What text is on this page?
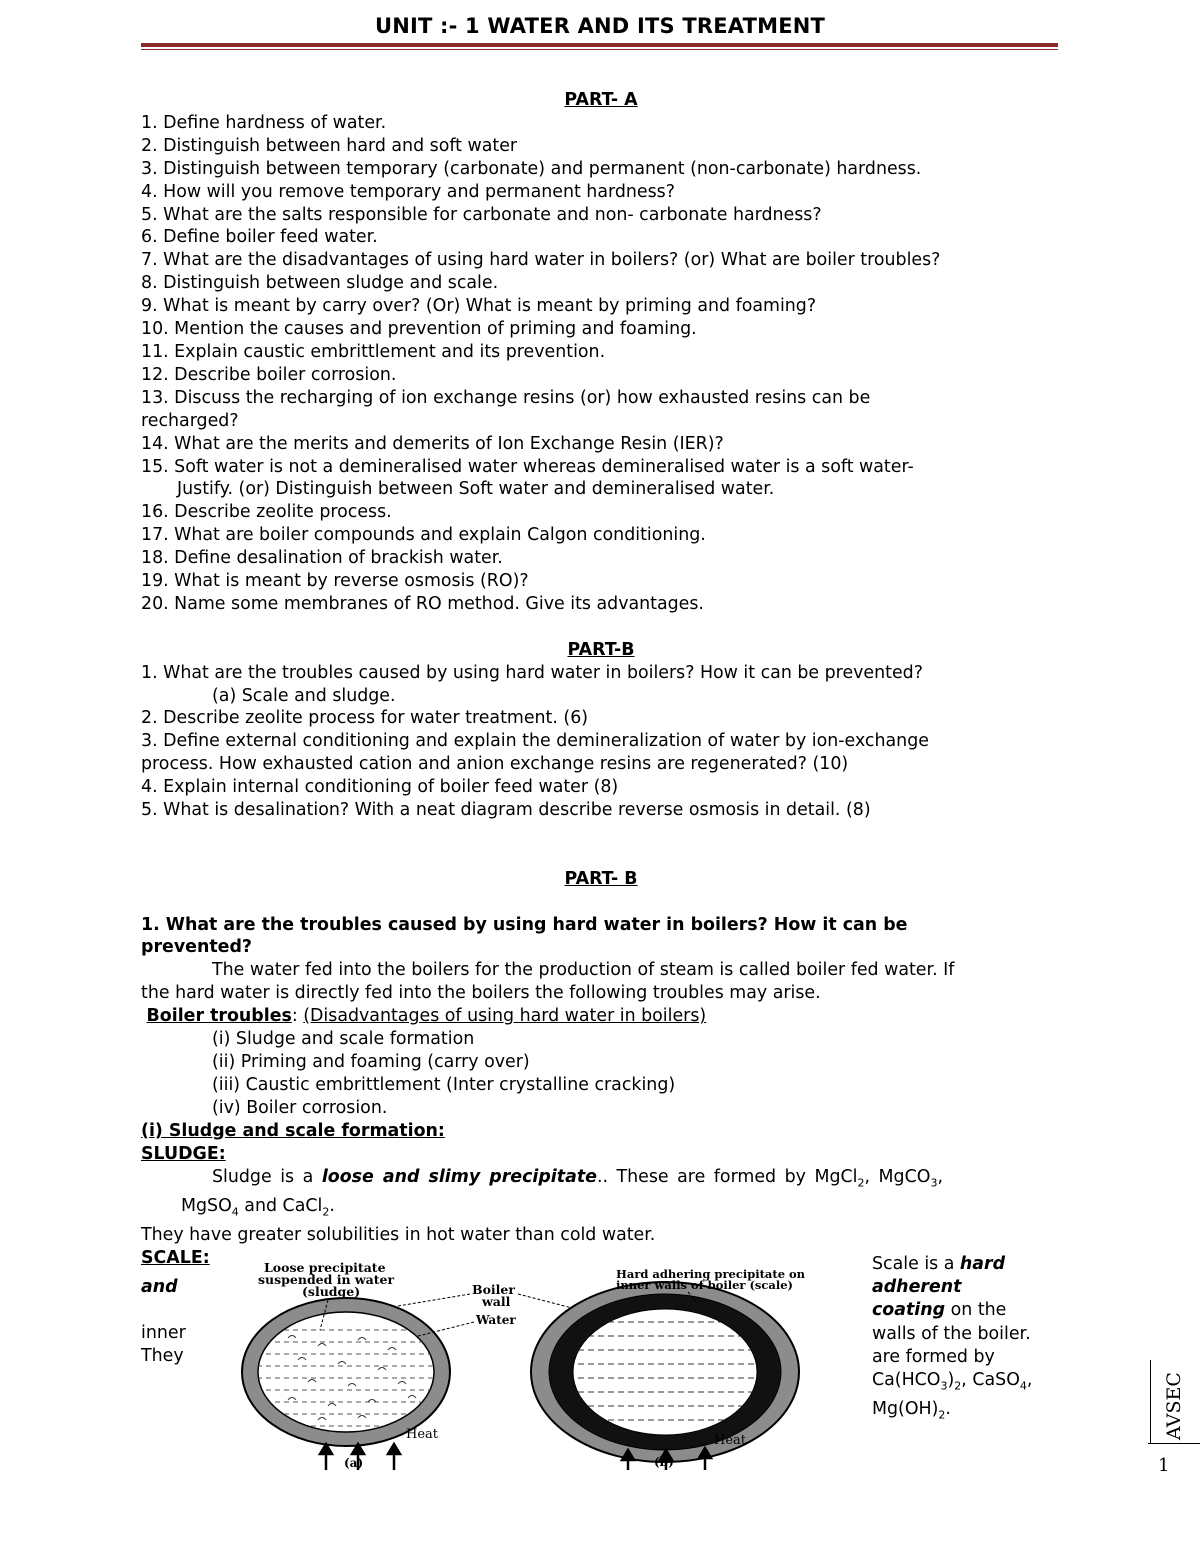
UNIT :- 1 WATER AND ITS TREATMENT
PART- A
1. Define hardness of water.
2. Distinguish between hard and soft water
3. Distinguish between temporary (carbonate) and permanent (non-carbonate) hardness.
4. How will you remove temporary and permanent hardness?
5. What are the salts responsible for carbonate and non- carbonate hardness?
6. Define boiler feed water.
7. What are the disadvantages of using hard water in boilers? (or) What are boiler troubles?
8. Distinguish between sludge and scale.
9. What is meant by carry over? (Or) What is meant by priming and foaming?
10. Mention the causes and prevention of priming and foaming.
11. Explain caustic embrittlement and its prevention.
12. Describe boiler corrosion.
13. Discuss the recharging of ion exchange resins (or) how exhausted resins can be
recharged?
14. What are the merits and demerits of Ion Exchange Resin (IER)?
15. Soft water is not a demineralised water whereas demineralised water is a soft water-
Justify. (or) Distinguish between Soft water and demineralised water.
16. Describe zeolite process.
17. What are boiler compounds and explain Calgon conditioning.
18. Define desalination of brackish water.
19. What is meant by reverse osmosis (RO)?
20. Name some membranes of RO method. Give its advantages.
PART-B
1. What are the troubles caused by using hard water in boilers? How it can be prevented?
(a) Scale and sludge.
2. Describe zeolite process for water treatment. (6)
3. Define external conditioning and explain the demineralization of water by ion-exchange
process. How exhausted cation and anion exchange resins are regenerated? (10)
4. Explain internal conditioning of boiler feed water (8)
5. What is desalination? With a neat diagram describe reverse osmosis in detail. (8)
PART- B
1. What are the troubles caused by using hard water in boilers? How it can be
prevented?
The water fed into the boilers for the production of steam is called boiler fed water. If
the hard water is directly fed into the boilers the following troubles may arise.
Boiler troubles: (Disadvantages of using hard water in boilers)
(i) Sludge and scale formation
(ii) Priming and foaming (carry over)
(iii) Caustic embrittlement (Inter crystalline cracking)
(iv) Boiler corrosion.
(i) Sludge and scale formation:
SLUDGE:
Sludge is a loose and slimy precipitate.. These are formed by MgCl$_2$, MgCO$_3$,
MgSO$_4$ and CaCl$_2$.
They have greater solubilities in hot water than cold water.
SCALE:
and

inner
They
Scale is a hard
adherent
coating on the
walls of the boiler.
are formed by
$Ca(HCO_3)_2$, CaSO$_4$,
$Mg(OH)_2$.
Heat
(a)
Loose precipitate
suspended in water
(sludge)	Boiler
wall
Water
Heat
(b)
Hard adhering precipitate on
inner walls of boiler (scale)
AVSEC
1
